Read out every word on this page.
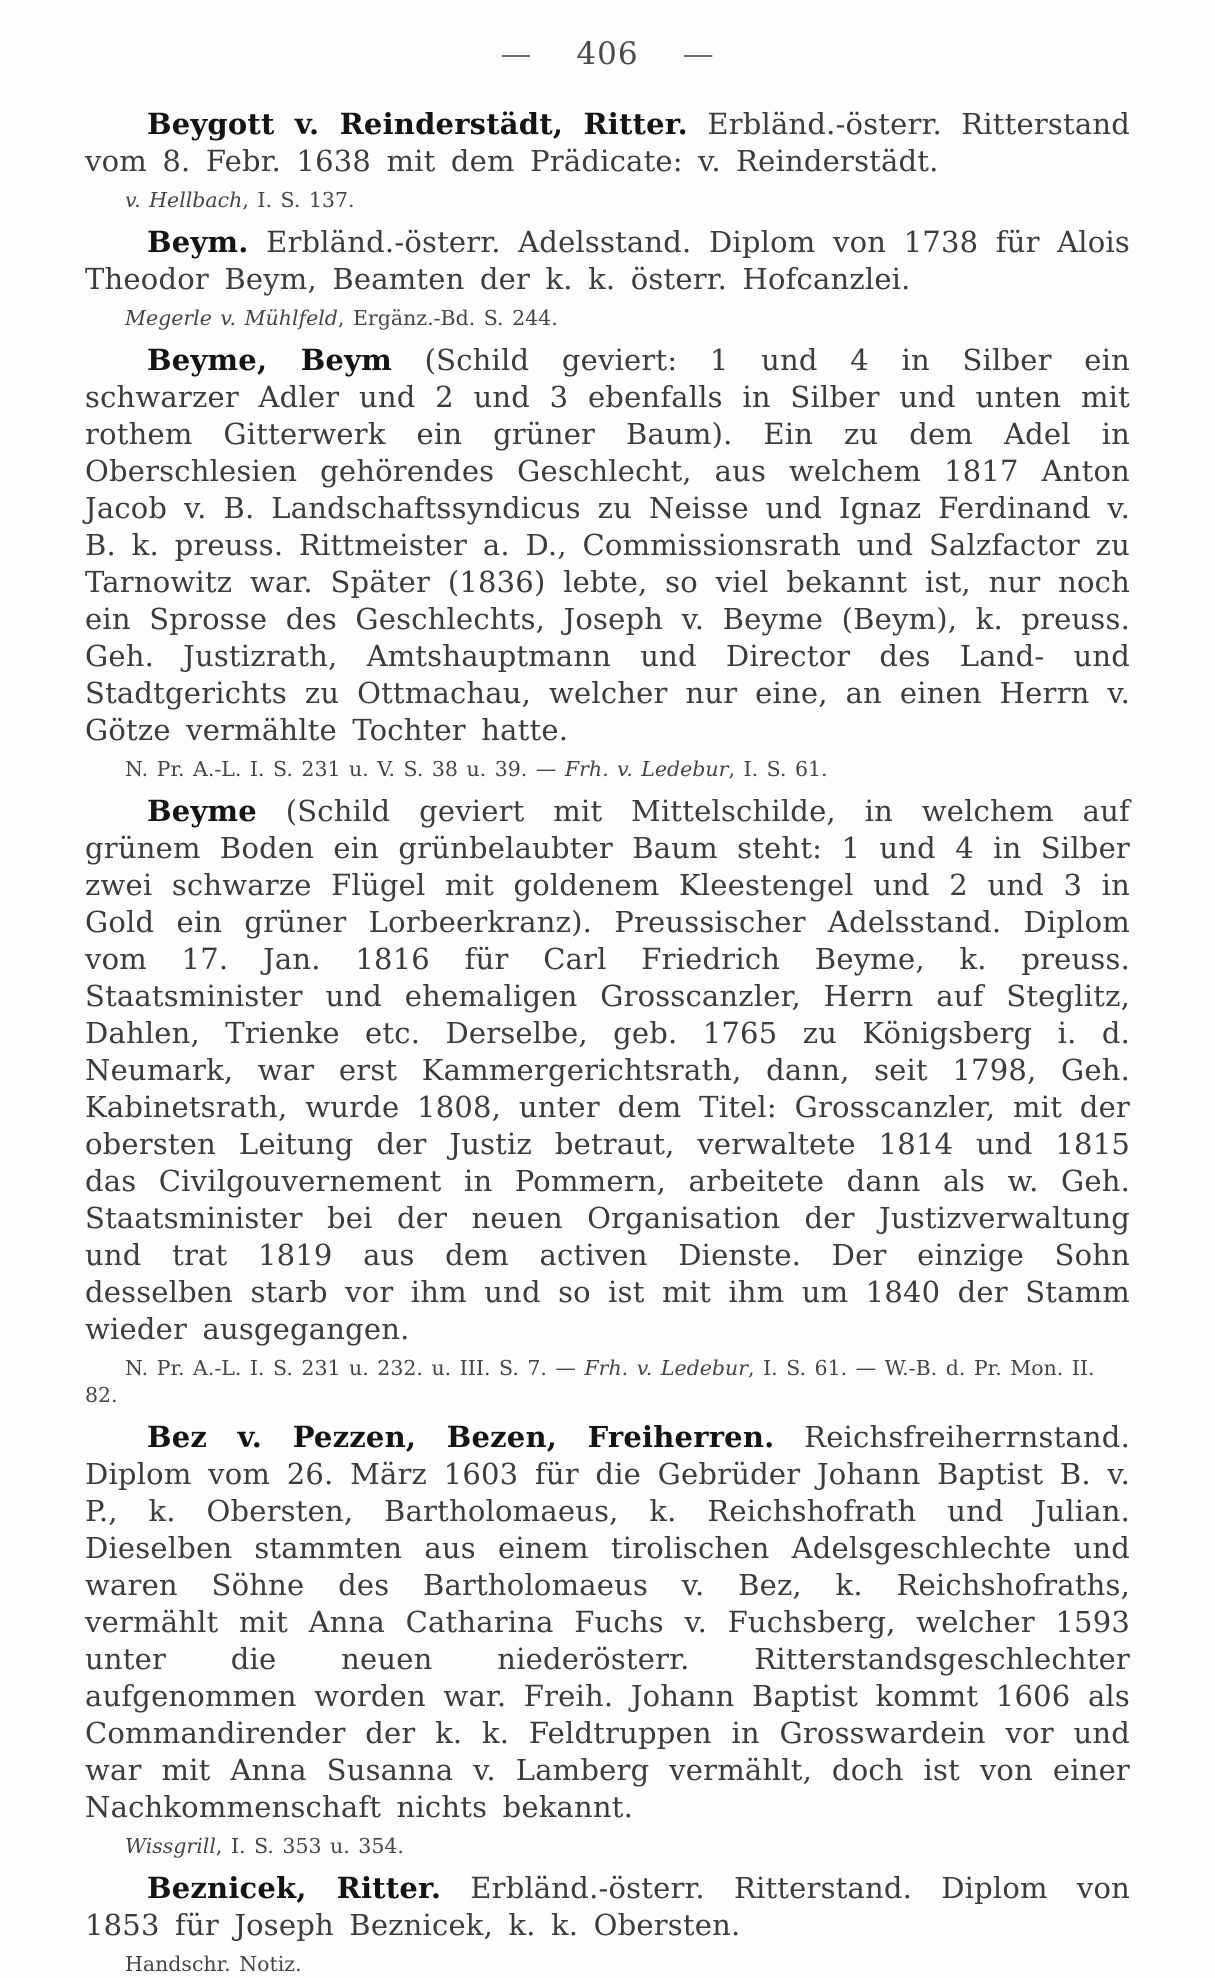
— 406 —

Beygott v. Reinderstädt, Ritter. Erbländ.-österr. Ritterstand vom 8. Febr. 1638 mit dem Prädicate: v. Reinderstädt.

v. Hellbach, I. S. 137.

Beym. Erbländ.-österr. Adelsstand. Diplom von 1738 für Alois Theodor Beym, Beamten der k. k. österr. Hofcanzlei.

Megerle v. Mühlfeld, Ergänz.-Bd. S. 244.

Beyme, Beym (Schild geviert: 1 und 4 in Silber ein schwarzer Adler und 2 und 3 ebenfalls in Silber und unten mit rothem Gitterwerk ein grüner Baum). Ein zu dem Adel in Oberschlesien gehörendes Geschlecht, aus welchem 1817 Anton Jacob v. B. Landschaftssyndicus zu Neisse und Ignaz Ferdinand v. B. k. preuss. Rittmeister a. D., Commissionsrath und Salzfactor zu Tarnowitz war. Später (1836) lebte, so viel bekannt ist, nur noch ein Sprosse des Geschlechts, Joseph v. Beyme (Beym), k. preuss. Geh. Justizrath, Amtshauptmann und Director des Land- und Stadtgerichts zu Ottmachau, welcher nur eine, an einen Herrn v. Götze vermählte Tochter hatte.

N. Pr. A.-L. I. S. 231 u. V. S. 38 u. 39. — Frh. v. Ledebur, I. S. 61.

Beyme (Schild geviert mit Mittelschilde, in welchem auf grünem Boden ein grünbelaubter Baum steht: 1 und 4 in Silber zwei schwarze Flügel mit goldenem Kleestengel und 2 und 3 in Gold ein grüner Lorbeerkranz). Preussischer Adelsstand. Diplom vom 17. Jan. 1816 für Carl Friedrich Beyme, k. preuss. Staatsminister und ehemaligen Grosscanzler, Herrn auf Steglitz, Dahlen, Trienke etc. Derselbe, geb. 1765 zu Königsberg i. d. Neumark, war erst Kammergerichtsrath, dann, seit 1798, Geh. Kabinetsrath, wurde 1808, unter dem Titel: Grosscanzler, mit der obersten Leitung der Justiz betraut, verwaltete 1814 und 1815 das Civilgouvernement in Pommern, arbeitete dann als w. Geh. Staatsminister bei der neuen Organisation der Justizverwaltung und trat 1819 aus dem activen Dienste. Der einzige Sohn desselben starb vor ihm und so ist mit ihm um 1840 der Stamm wieder ausgegangen.

N. Pr. A.-L. I. S. 231 u. 232. u. III. S. 7. — Frh. v. Ledebur, I. S. 61. — W.-B. d. Pr. Mon. II. 82.

Bez v. Pezzen, Bezen, Freiherren. Reichsfreiherrnstand. Diplom vom 26. März 1603 für die Gebrüder Johann Baptist B. v. P., k. Obersten, Bartholomaeus, k. Reichshofrath und Julian. Dieselben stammten aus einem tirolischen Adelsgeschlechte und waren Söhne des Bartholomaeus v. Bez, k. Reichshofraths, vermählt mit Anna Catharina Fuchs v. Fuchsberg, welcher 1593 unter die neuen niederösterr. Ritterstandsgeschlechter aufgenommen worden war. Freih. Johann Baptist kommt 1606 als Commandirender der k. k. Feldtruppen in Grosswardein vor und war mit Anna Susanna v. Lamberg vermählt, doch ist von einer Nachkommenschaft nichts bekannt.

Wissgrill, I. S. 353 u. 354.

Beznicek, Ritter. Erbländ.-österr. Ritterstand. Diplom von 1853 für Joseph Beznicek, k. k. Obersten.

Handschr. Notiz.
